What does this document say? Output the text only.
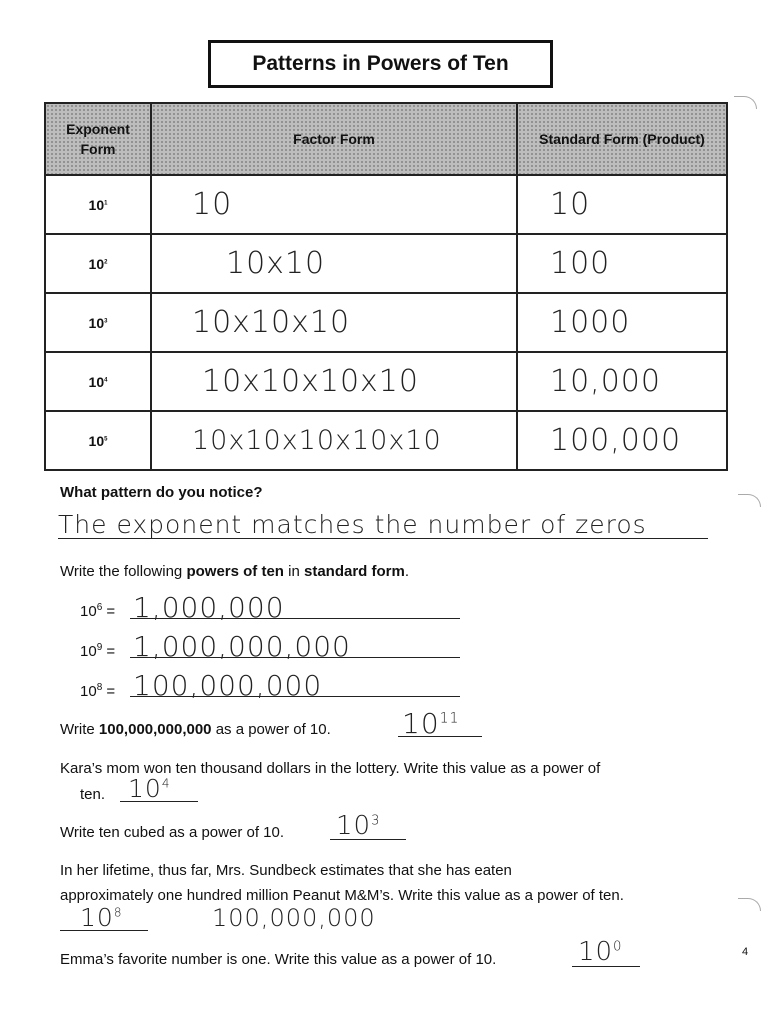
Patterns in Powers of Ten
Exponent Form	Factor Form	Standard Form (Product)
$10^1$	10	10
$10^2$	10x10	100
$10^3$	10x10x10	1000
$10^4$	10x10x10x10	10,000
$10^5$	10x10x10x10x10	100,000
What pattern do you notice?
The exponent matches the number of zeros
Write the following powers of ten in standard form.
$10^6 = 1,000,000$
$10^9 = 1,000,000,000$
$10^8 = 100,000,000$
Write 100,000,000,000 as a power of 10.	$10^{11}$
Kara’s mom won ten thousand dollars in the lottery. Write this value as a power of
ten. $10^4$
Write ten cubed as a power of 10. $10^3$
In her lifetime, thus far, Mrs. Sundbeck estimates that she has eaten
approximately one hundred million Peanut M&M’s. Write this value as a power of ten.
$10^8$	100,000,000
Emma’s favorite number is one. Write this value as a power of 10.	$10^0$	4
